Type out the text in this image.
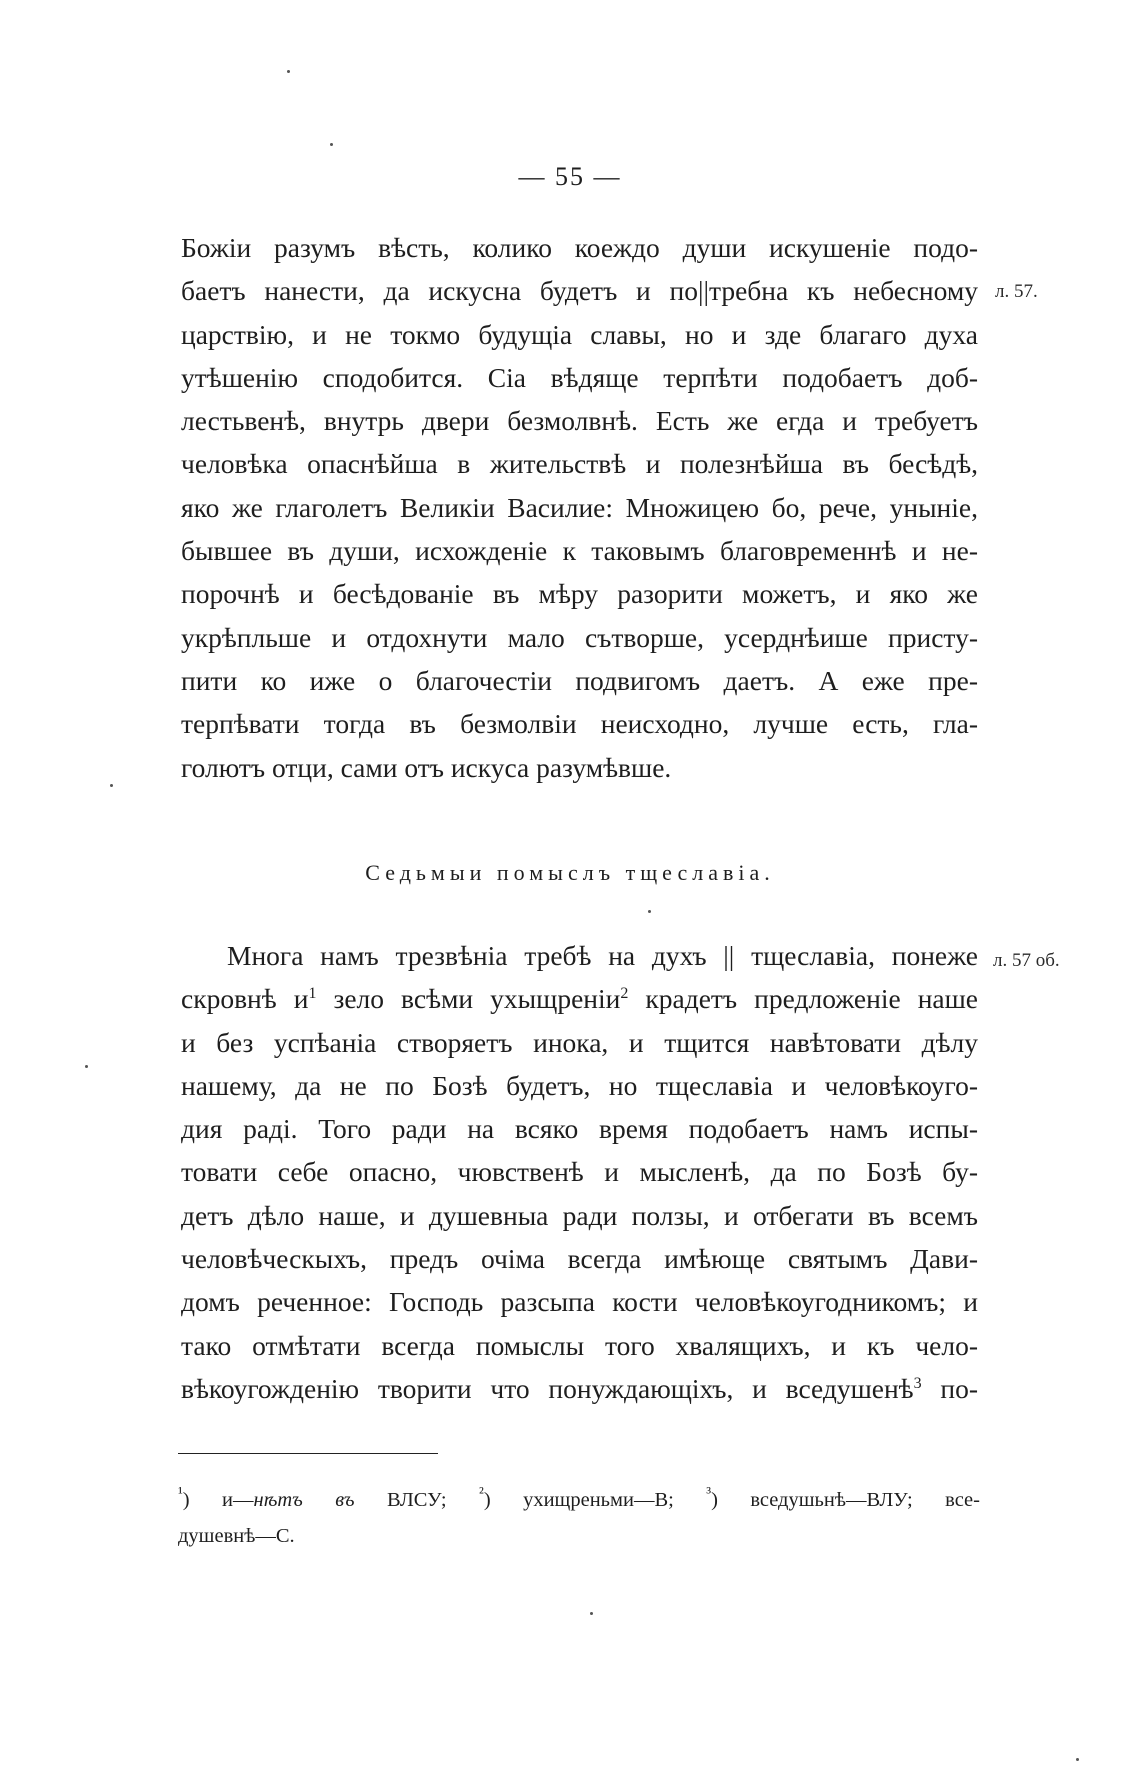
— 55 —
Божіи разумъ вѣсть, колико коеждо души искушеніе подо-
баетъ нанести, да искусна будетъ и по||требна къ небесному
царствію, и не токмо будущіа славы, но и зде благаго духа
утѣшенію сподобится. Сіа вѣдяще терпѣти подобаетъ доб-
лестьвенѣ, внутрь двери безмолвнѣ. Есть же егда и требуетъ
человѣка опаснѣйша в жительствѣ и полезнѣйша въ бесѣдѣ,
яко же глаголетъ Великіи Василие: Множицею бо, рече, уныніе,
бывшее въ души, исхожденіе к таковымъ благовременнѣ и не-
порочнѣ и бесѣдованіе въ мѣру разорити можетъ, и яко же
укрѣпльше и отдохнути мало сътворше, усерднѣише присту-
пити ко иже о благочестіи подвигомъ даетъ. А еже пре-
терпѣвати тогда въ безмолвіи неисходно, лучше есть, гла-
голютъ отци, сами отъ искуса разумѣвше.
л. 57.
Седьмыи помыслъ тщеславіа.
Многа намъ трезвѣніа требѣ на духъ || тщеславіа, понеже
скровнѣ $и^1$ зело всѣми ухыщреніи$^2$ крадетъ предложеніе наше
и без успѣаніа створяетъ инока, и тщится навѣтовати дѣлу
нашему, да не по Бозѣ будетъ, но тщеславіа и человѣкоуго-
дия раді. Того ради на всяко время подобаетъ намъ испы-
товати себе опасно, чювственѣ и мысленѣ, да по Бозѣ бу-
детъ дѣло наше, и душевныа ради ползы, и отбегати въ всемъ
человѣческыхъ, предъ очіма всегда имѣюще святымъ Дави-
домъ реченное: Господь разсыпа кости человѣкоугодникомъ; и
тако отмѣтати всегда помыслы того хвалящихъ, и къ чело-
вѣкоугожденію творити что понуждающіхъ, и вседушенѣ$^3$ по-
л. 57 об.
$^{^1}$) и—нѣтъ въ ВЛСУ; $^{^2}$) ухищреньми—В; $^{^3}$) вседушьнѣ—ВЛУ; все-
душевнѣ—С.
